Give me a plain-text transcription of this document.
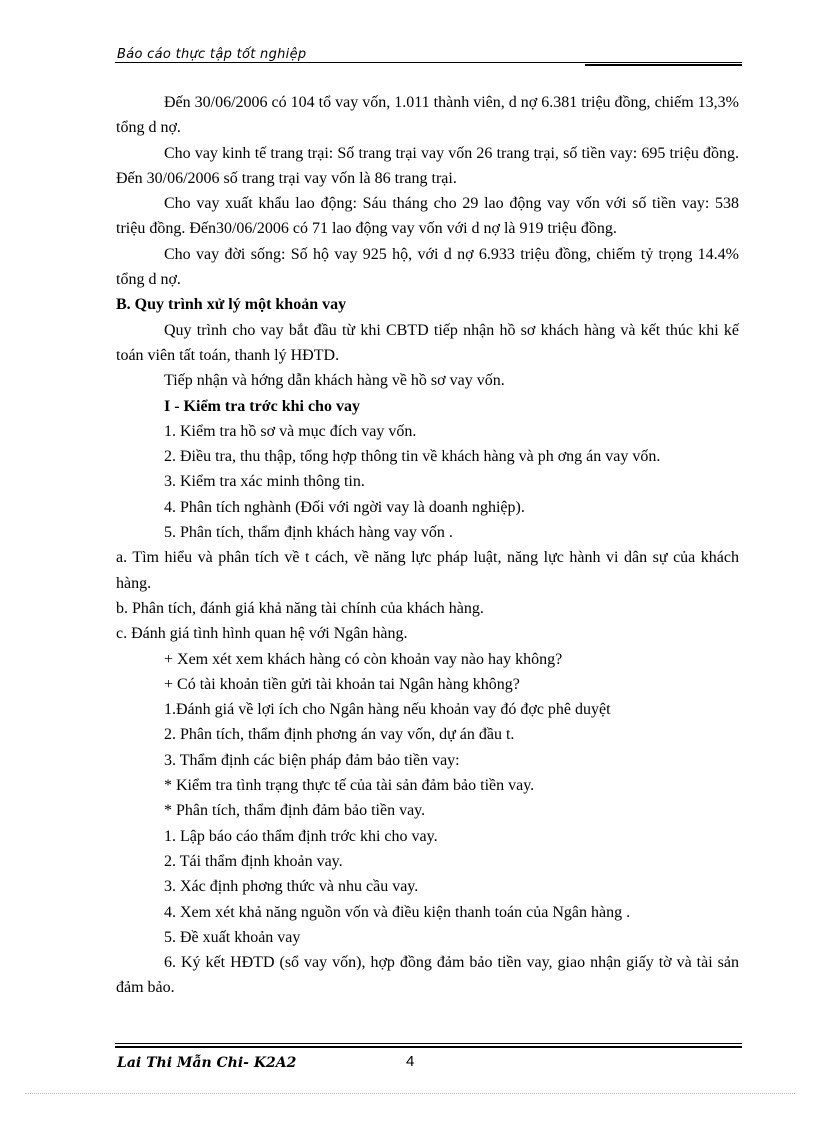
Báo cáo thực tập tốt nghiệp

Đến 30/06/2006 có 104 tổ vay vốn, 1.011 thành viên, d nợ 6.381 triệu đồng, chiếm 13,3% tổng d nợ.

Cho vay kinh tế trang trại: Số trang trại vay vốn 26 trang trại, số tiền vay: 695 triệu đồng. Đến 30/06/2006 số trang trại vay vốn là 86 trang trại.

Cho vay xuất khẩu lao động: Sáu tháng cho 29 lao động vay vốn với số tiền vay: 538 triệu đồng. Đến30/06/2006 có 71 lao động vay vốn với d nợ là 919 triệu đồng.

Cho vay đời sống: Số hộ vay 925 hộ, với d nợ 6.933 triệu đồng, chiếm tỷ trọng 14.4% tổng d nợ.

B. Quy trình xử lý một khoản vay

Quy trình cho vay bắt đầu từ khi CBTD tiếp nhận hồ sơ khách hàng và kết thúc khi kế toán viên tất toán, thanh lý HĐTD.

Tiếp nhận và hớng dẫn khách hàng về hồ sơ vay vốn.

I - Kiểm tra trớc khi cho vay

1. Kiểm tra hồ sơ và mục đích vay vốn.

2. Điều tra, thu thập, tổng hợp thông tin về khách hàng và ph ơng án vay vốn.

3. Kiểm tra xác minh thông tin.

4. Phân tích nghành (Đối với ngời vay là doanh nghiệp).

5. Phân tích, thẩm định khách hàng vay vốn .

a. Tìm hiểu và phân tích về t cách, về năng lực pháp luật, năng lực hành vi dân sự của khách hàng.

b. Phân tích, đánh giá khả năng tài chính của khách hàng.

c. Đánh giá tình hình quan hệ với Ngân hàng.

+ Xem xét xem khách hàng có còn khoản vay nào hay không?

+ Có tài khoản tiền gửi tài khoản tai Ngân hàng không?

1.Đánh giá về lợi ích cho Ngân hàng nếu khoản vay đó đợc phê duyệt

2. Phân tích, thẩm định phơng án vay vốn, dự án đầu t.

3. Thẩm định các biện pháp đảm bảo tiền vay:

* Kiểm tra tình trạng thực tế của tài sản đảm bảo tiền vay.

* Phân tích, thẩm định đảm bảo tiền vay.

1. Lập báo cáo thẩm định trớc khi cho vay.

2. Tái thẩm định khoản vay.

3. Xác định phơng thức và nhu cầu vay.

4. Xem xét khả năng nguồn vốn và điều kiện thanh toán của Ngân hàng .

5. Đề xuất khoản vay

6. Ký kết HĐTD (sổ vay vốn), hợp đồng đảm bảo tiền vay, giao nhận giấy tờ và tài sản đảm bảo.

Lai Thi Mẫn Chi- K2A2	4
